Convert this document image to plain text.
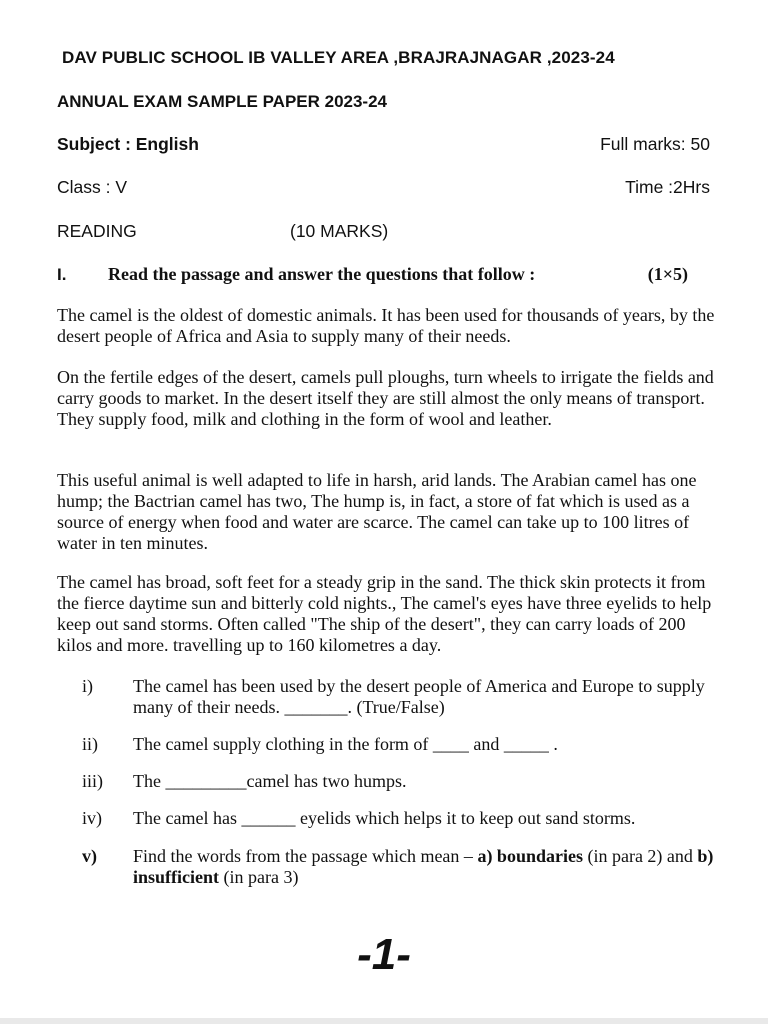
DAV PUBLIC SCHOOL IB VALLEY AREA ,BRAJRAJNAGAR ,2023-24
ANNUAL EXAM SAMPLE PAPER 2023-24
Subject : English	Full marks: 50
Class : V	Time :2Hrs
READING	(10 MARKS)
I. Read the passage and answer the questions that follow :	(1×5)

The camel is the oldest of domestic animals. It has been used for thousands of years, by the desert people of Africa and Asia to supply many of their needs.

On the fertile edges of the desert, camels pull ploughs, turn wheels to irrigate the fields and carry goods to market. In the desert itself they are still almost the only means of transport. They supply food, milk and clothing in the form of wool and leather.

This useful animal is well adapted to life in harsh, arid lands. The Arabian camel has one hump; the Bactrian camel has two, The hump is, in fact, a store of fat which is used as a source of energy when food and water are scarce. The camel can take up to 100 litres of water in ten minutes.

The camel has broad, soft feet for a steady grip in the sand. The thick skin protects it from the fierce daytime sun and bitterly cold nights., The camel's eyes have three eyelids to help keep out sand storms. Often called "The ship of the desert", they can carry loads of 200 kilos and more. travelling up to 160 kilometres a day.

i) The camel has been used by the desert people of America and Europe to supply many of their needs. _______. (True/False)
ii) The camel supply clothing in the form of ____ and _____ .
iii) The _________camel has two humps.
iv) The camel has ______ eyelids which helps it to keep out sand storms.
v) Find the words from the passage which mean – a) boundaries (in para 2) and b) insufficient (in para 3)
-1-
